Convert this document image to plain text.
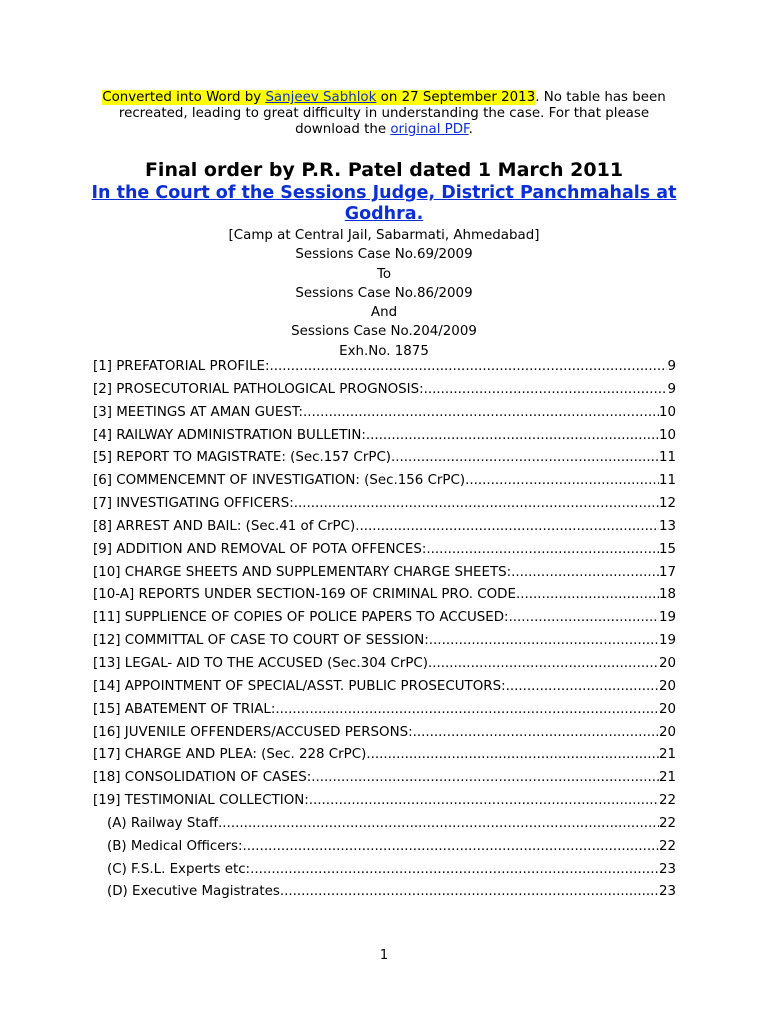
Converted into Word by Sanjeev Sabhlok on 27 September 2013. No table has been recreated, leading to great difficulty in understanding the case. For that please download the original PDF.
Final order by P.R. Patel dated 1 March 2011
In the Court of the Sessions Judge, District Panchmahals at Godhra.
[Camp at Central Jail, Sabarmati, Ahmedabad]
Sessions Case No.69/2009
To
Sessions Case No.86/2009
And
Sessions Case No.204/2009
Exh.No. 1875
[1] PREFATORIAL PROFILE: .....	9
[2] PROSECUTORIAL PATHOLOGICAL PROGNOSIS: .....	9
[3] MEETINGS AT AMAN GUEST: .....	10
[4] RAILWAY ADMINISTRATION BULLETIN: .....	10
[5] REPORT TO MAGISTRATE: (Sec.157 CrPC) .....	11
[6] COMMENCEMNT OF INVESTIGATION: (Sec.156 CrPC) .....	11
[7] INVESTIGATING OFFICERS: .....	12
[8] ARREST AND BAIL: (Sec.41 of CrPC) .....	13
[9] ADDITION AND REMOVAL OF POTA OFFENCES: .....	15
[10] CHARGE SHEETS AND SUPPLEMENTARY CHARGE SHEETS: .....	17
[10-A] REPORTS UNDER SECTION-169 OF CRIMINAL PRO. CODE .....	18
[11] SUPPLIENCE OF COPIES OF POLICE PAPERS TO ACCUSED: .....	19
[12] COMMITTAL OF CASE TO COURT OF SESSION: .....	19
[13] LEGAL- AID TO THE ACCUSED (Sec.304 CrPC) .....	20
[14] APPOINTMENT OF SPECIAL/ASST. PUBLIC PROSECUTORS: .....	20
[15] ABATEMENT OF TRIAL: .....	20
[16] JUVENILE OFFENDERS/ACCUSED PERSONS: .....	20
[17] CHARGE AND PLEA: (Sec. 228 CrPC) .....	21
[18] CONSOLIDATION OF CASES: .....	21
[19] TESTIMONIAL COLLECTION: .....	22
(A) Railway Staff .....	22
(B) Medical Officers: .....	22
(C) F.S.L. Experts etc: .....	23
(D) Executive Magistrates .....	23
1
